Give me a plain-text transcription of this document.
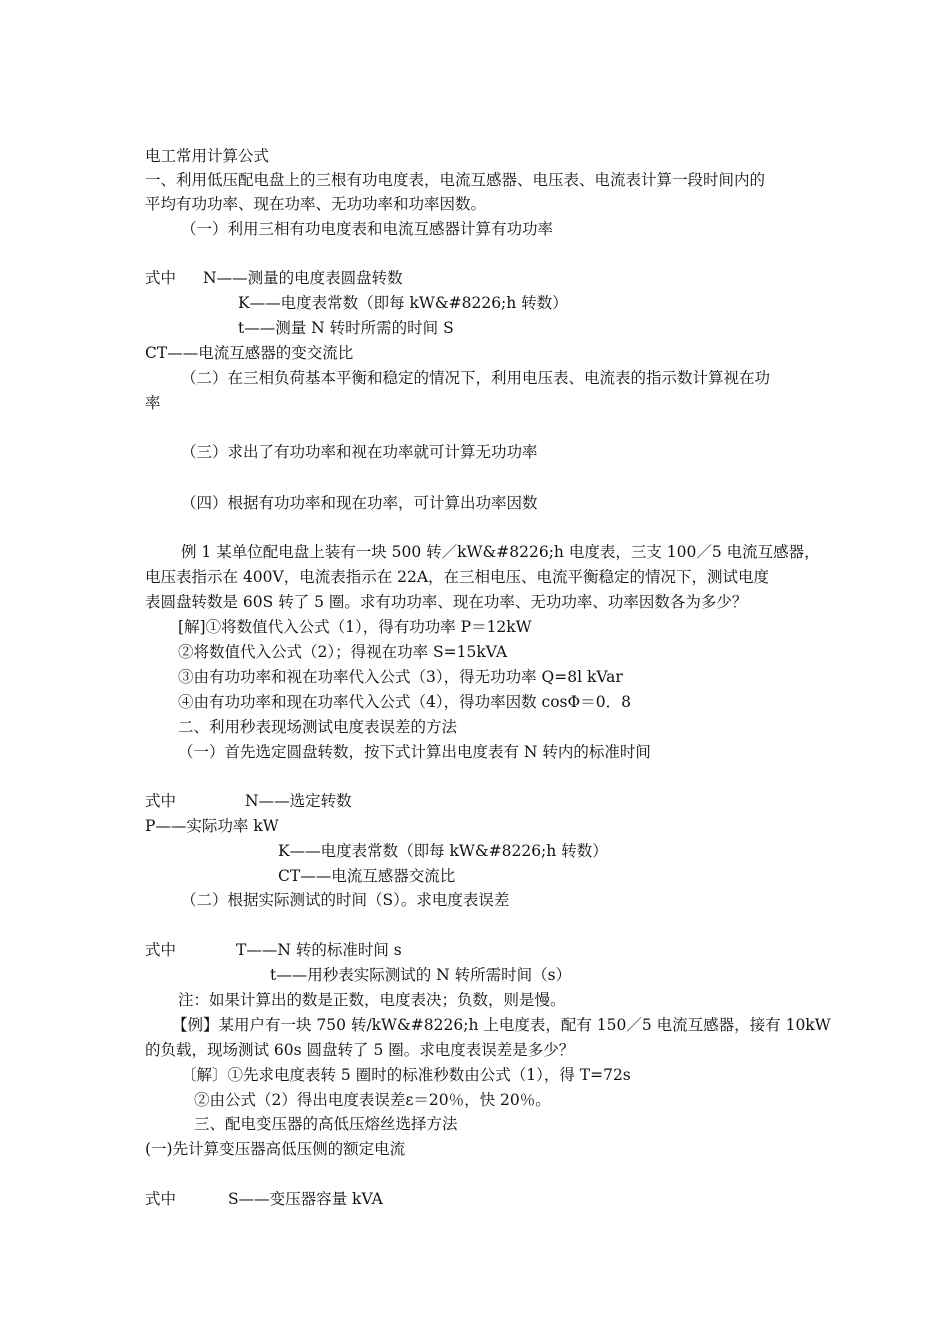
电工常用计算公式
一、利用低压配电盘上的三根有功电度表，电流互感器、电压表、电流表计算一段时间内的
平均有功功率、现在功率、无功功率和功率因数。
（一）利用三相有功电度表和电流互感器计算有功功率
式中 N——测量的电度表圆盘转数
K——电度表常数（即每 kW&#8226;h 转数）
t——测量 N 转时所需的时间 S
CT——电流互感器的变交流比
（二）在三相负荷基本平衡和稳定的情况下，利用电压表、电流表的指示数计算视在功
率
（三）求出了有功功率和视在功率就可计算无功功率
（四）根据有功功率和现在功率，可计算出功率因数
例 1 某单位配电盘上装有一块 500 转／kW&#8226;h 电度表，三支 100／5 电流互感器，
电压表指示在 400V，电流表指示在 22A，在三相电压、电流平衡稳定的情况下，测试电度
表圆盘转数是 60S 转了 5 圈。求有功功率、现在功率、无功功率、功率因数各为多少？
[解]①将数值代入公式（1），得有功功率 P＝12kW
②将数值代入公式（2）；得视在功率 S=15kVA
③由有功功率和视在功率代入公式（3），得无功功率 Q=8l kVar
④由有功功率和现在功率代入公式（4），得功率因数 cosΦ＝0．8
二、利用秒表现场测试电度表误差的方法
（一）首先选定圆盘转数，按下式计算出电度表有 N 转内的标准时间
式中	N——选定转数
P——实际功率 kW
K——电度表常数（即每 kW&#8226;h 转数）
CT——电流互感器交流比
（二）根据实际测试的时间（S）。求电度表误差
式中	T——N 转的标准时间 s
t——用秒表实际测试的 N 转所需时间（s）
注：如果计算出的数是正数，电度表决；负数，则是慢。
【例】某用户有一块 750 转/kW&#8226;h 上电度表，配有 150／5 电流互感器，接有 10kW
的负载，现场测试 60s 圆盘转了 5 圈。求电度表误差是多少？
〔解〕①先求电度表转 5 圈时的标准秒数由公式（1），得 T=72s
②由公式（2）得出电度表误差ε＝20％，快 20％。
三、配电变压器的高低压熔丝选择方法
(一)先计算变压器高低压侧的额定电流
式中	S——变压器容量 kVA
